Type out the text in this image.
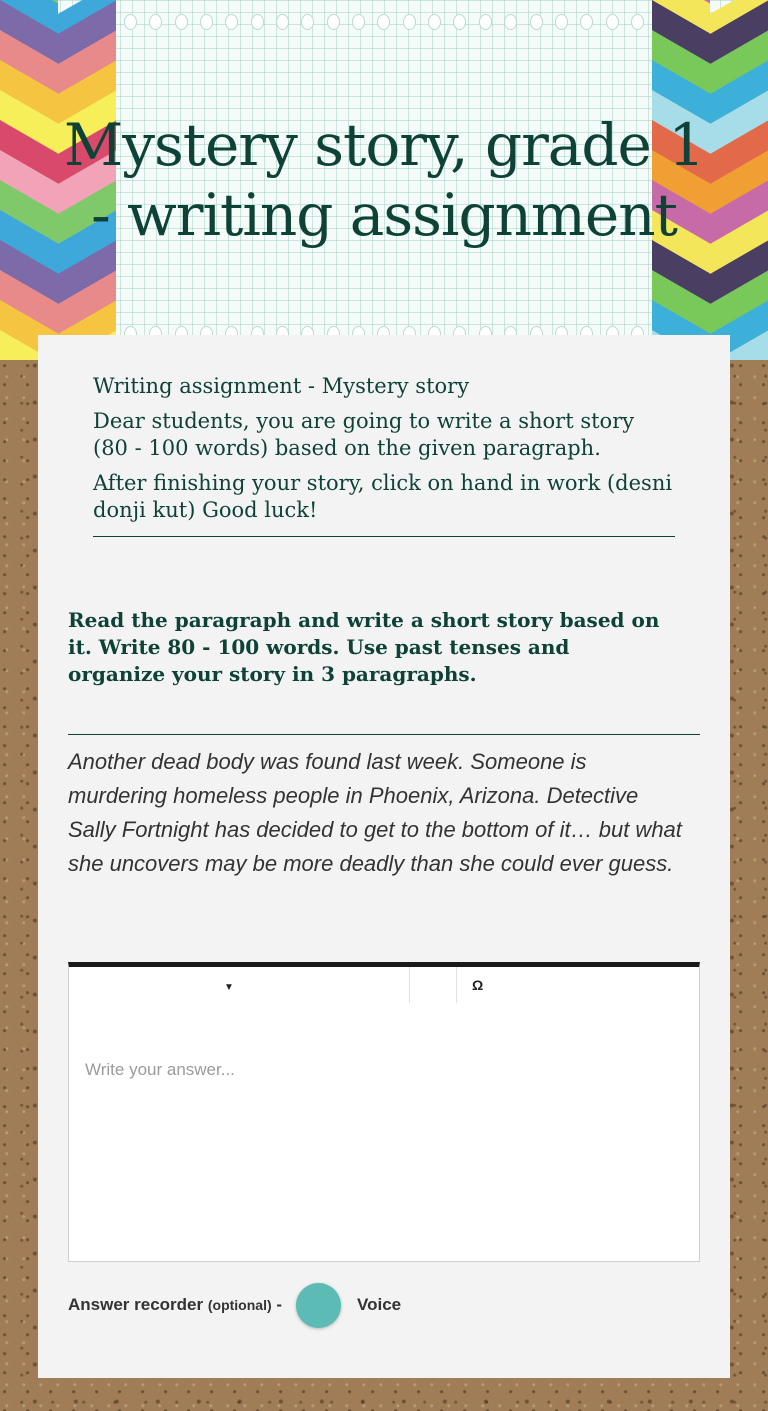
Mystery story, grade 1 - writing assignment

Writing assignment - Mystery story

Dear students, you are going to write a short story (80 - 100 words) based on the given paragraph.

After finishing your story, click on hand in work (desni donji kut) Good luck!

Read the paragraph and write a short story based on it. Write 80 - 100 words. Use past tenses and organize your story in 3 paragraphs.
Another dead body was found last week. Someone is murdering homeless people in Phoenix, Arizona. Detective Sally Fortnight has decided to get to the bottom of it… but what she uncovers may be more deadly than she could ever guess.
▼	Ω
Write your answer...
Answer recorder (optional) -	Voice
